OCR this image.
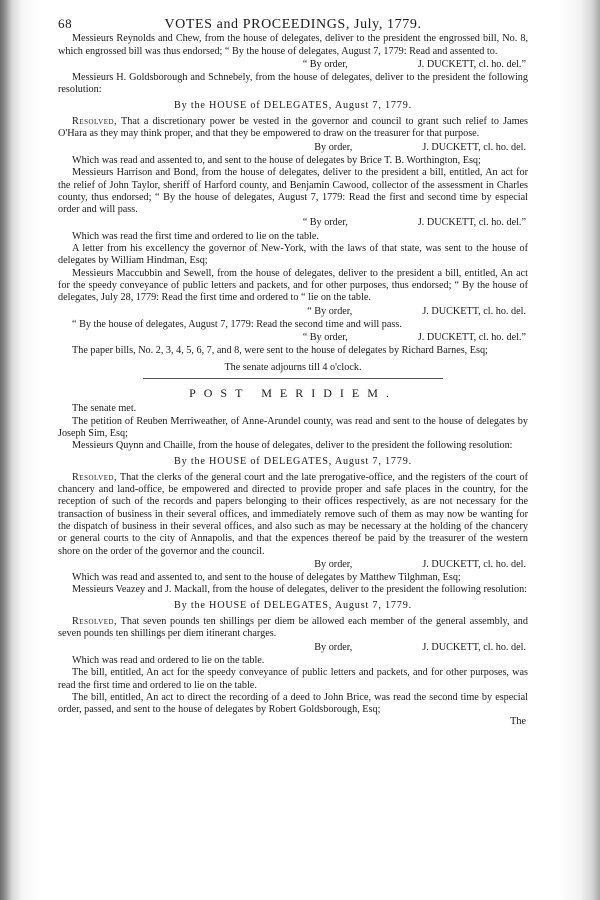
68	VOTES and PROCEEDINGS, July, 1779.

Messieurs Reynolds and Chew, from the house of delegates, deliver to the president the engrossed bill, No. 8, which engrossed bill was thus endorsed; “ By the house of delegates, August 7, 1779: Read and assented to.

“ By order,	J. DUCKETT, cl. ho. del.”

Messieurs H. Goldsborough and Schnebely, from the house of delegates, deliver to the president the following resolution:

By the HOUSE of DELEGATES, August 7, 1779.

Resolved, That a discretionary power be vested in the governor and council to grant such relief to James O'Hara as they may think proper, and that they be empowered to draw on the treasurer for that purpose.

By order,	J. DUCKETT, cl. ho. del.

Which was read and assented to, and sent to the house of delegates by Brice T. B. Worthington, Esq;

Messieurs Harrison and Bond, from the house of delegates, deliver to the president a bill, entitled, An act for the relief of John Taylor, sheriff of Harford county, and Benjamin Cawood, collector of the assessment in Charles county, thus endorsed; “ By the house of delegates, August 7, 1779: Read the first and second time by especial order and will pass.

“ By order,	J. DUCKETT, cl. ho. del.”

Which was read the first time and ordered to lie on the table.

A letter from his excellency the governor of New-York, with the laws of that state, was sent to the house of delegates by William Hindman, Esq;

Messieurs Maccubbin and Sewell, from the house of delegates, deliver to the president a bill, entitled, An act for the speedy conveyance of public letters and packets, and for other purposes, thus endorsed; “ By the house of delegates, July 28, 1779: Read the first time and ordered to “ lie on the table.

“ By order,	J. DUCKETT, cl. ho. del.

“ By the house of delegates, August 7, 1779: Read the second time and will pass.

“ By order,	J. DUCKETT, cl. ho. del.”

The paper bills, No. 2, 3, 4, 5, 6, 7, and 8, were sent to the house of delegates by Richard Barnes, Esq;

The senate adjourns till 4 o'clock.
POST MERIDIEM.

The senate met.

The petition of Reuben Merriweather, of Anne-Arundel county, was read and sent to the house of delegates by Joseph Sim, Esq;

Messieurs Quynn and Chaille, from the house of delegates, deliver to the president the following resolution:

By the HOUSE of DELEGATES, August 7, 1779.

Resolved, That the clerks of the general court and the late prerogative-office, and the registers of the court of chancery and land-office, be empowered and directed to provide proper and safe places in the country, for the reception of such of the records and papers belonging to their offices respectively, as are not necessary for the transaction of business in their several offices, and immediately remove such of them as may now be wanting for the dispatch of business in their several offices, and also such as may be necessary at the holding of the chancery or general courts to the city of Annapolis, and that the expences thereof be paid by the treasurer of the western shore on the order of the governor and the council.

By order,	J. DUCKETT, cl. ho. del.

Which was read and assented to, and sent to the house of delegates by Matthew Tilghman, Esq;

Messieurs Veazey and J. Mackall, from the house of delegates, deliver to the president the following resolution:

By the HOUSE of DELEGATES, August 7, 1779.

Resolved, That seven pounds ten shillings per diem be allowed each member of the general assembly, and seven pounds ten shillings per diem itinerant charges.

By order,	J. DUCKETT, cl. ho. del.

Which was read and ordered to lie on the table.

The bill, entitled, An act for the speedy conveyance of public letters and packets, and for other purposes, was read the first time and ordered to lie on the table.

The bill, entitled, An act to direct the recording of a deed to John Brice, was read the second time by especial order, passed, and sent to the house of delegates by Robert Goldsborough, Esq;

The
